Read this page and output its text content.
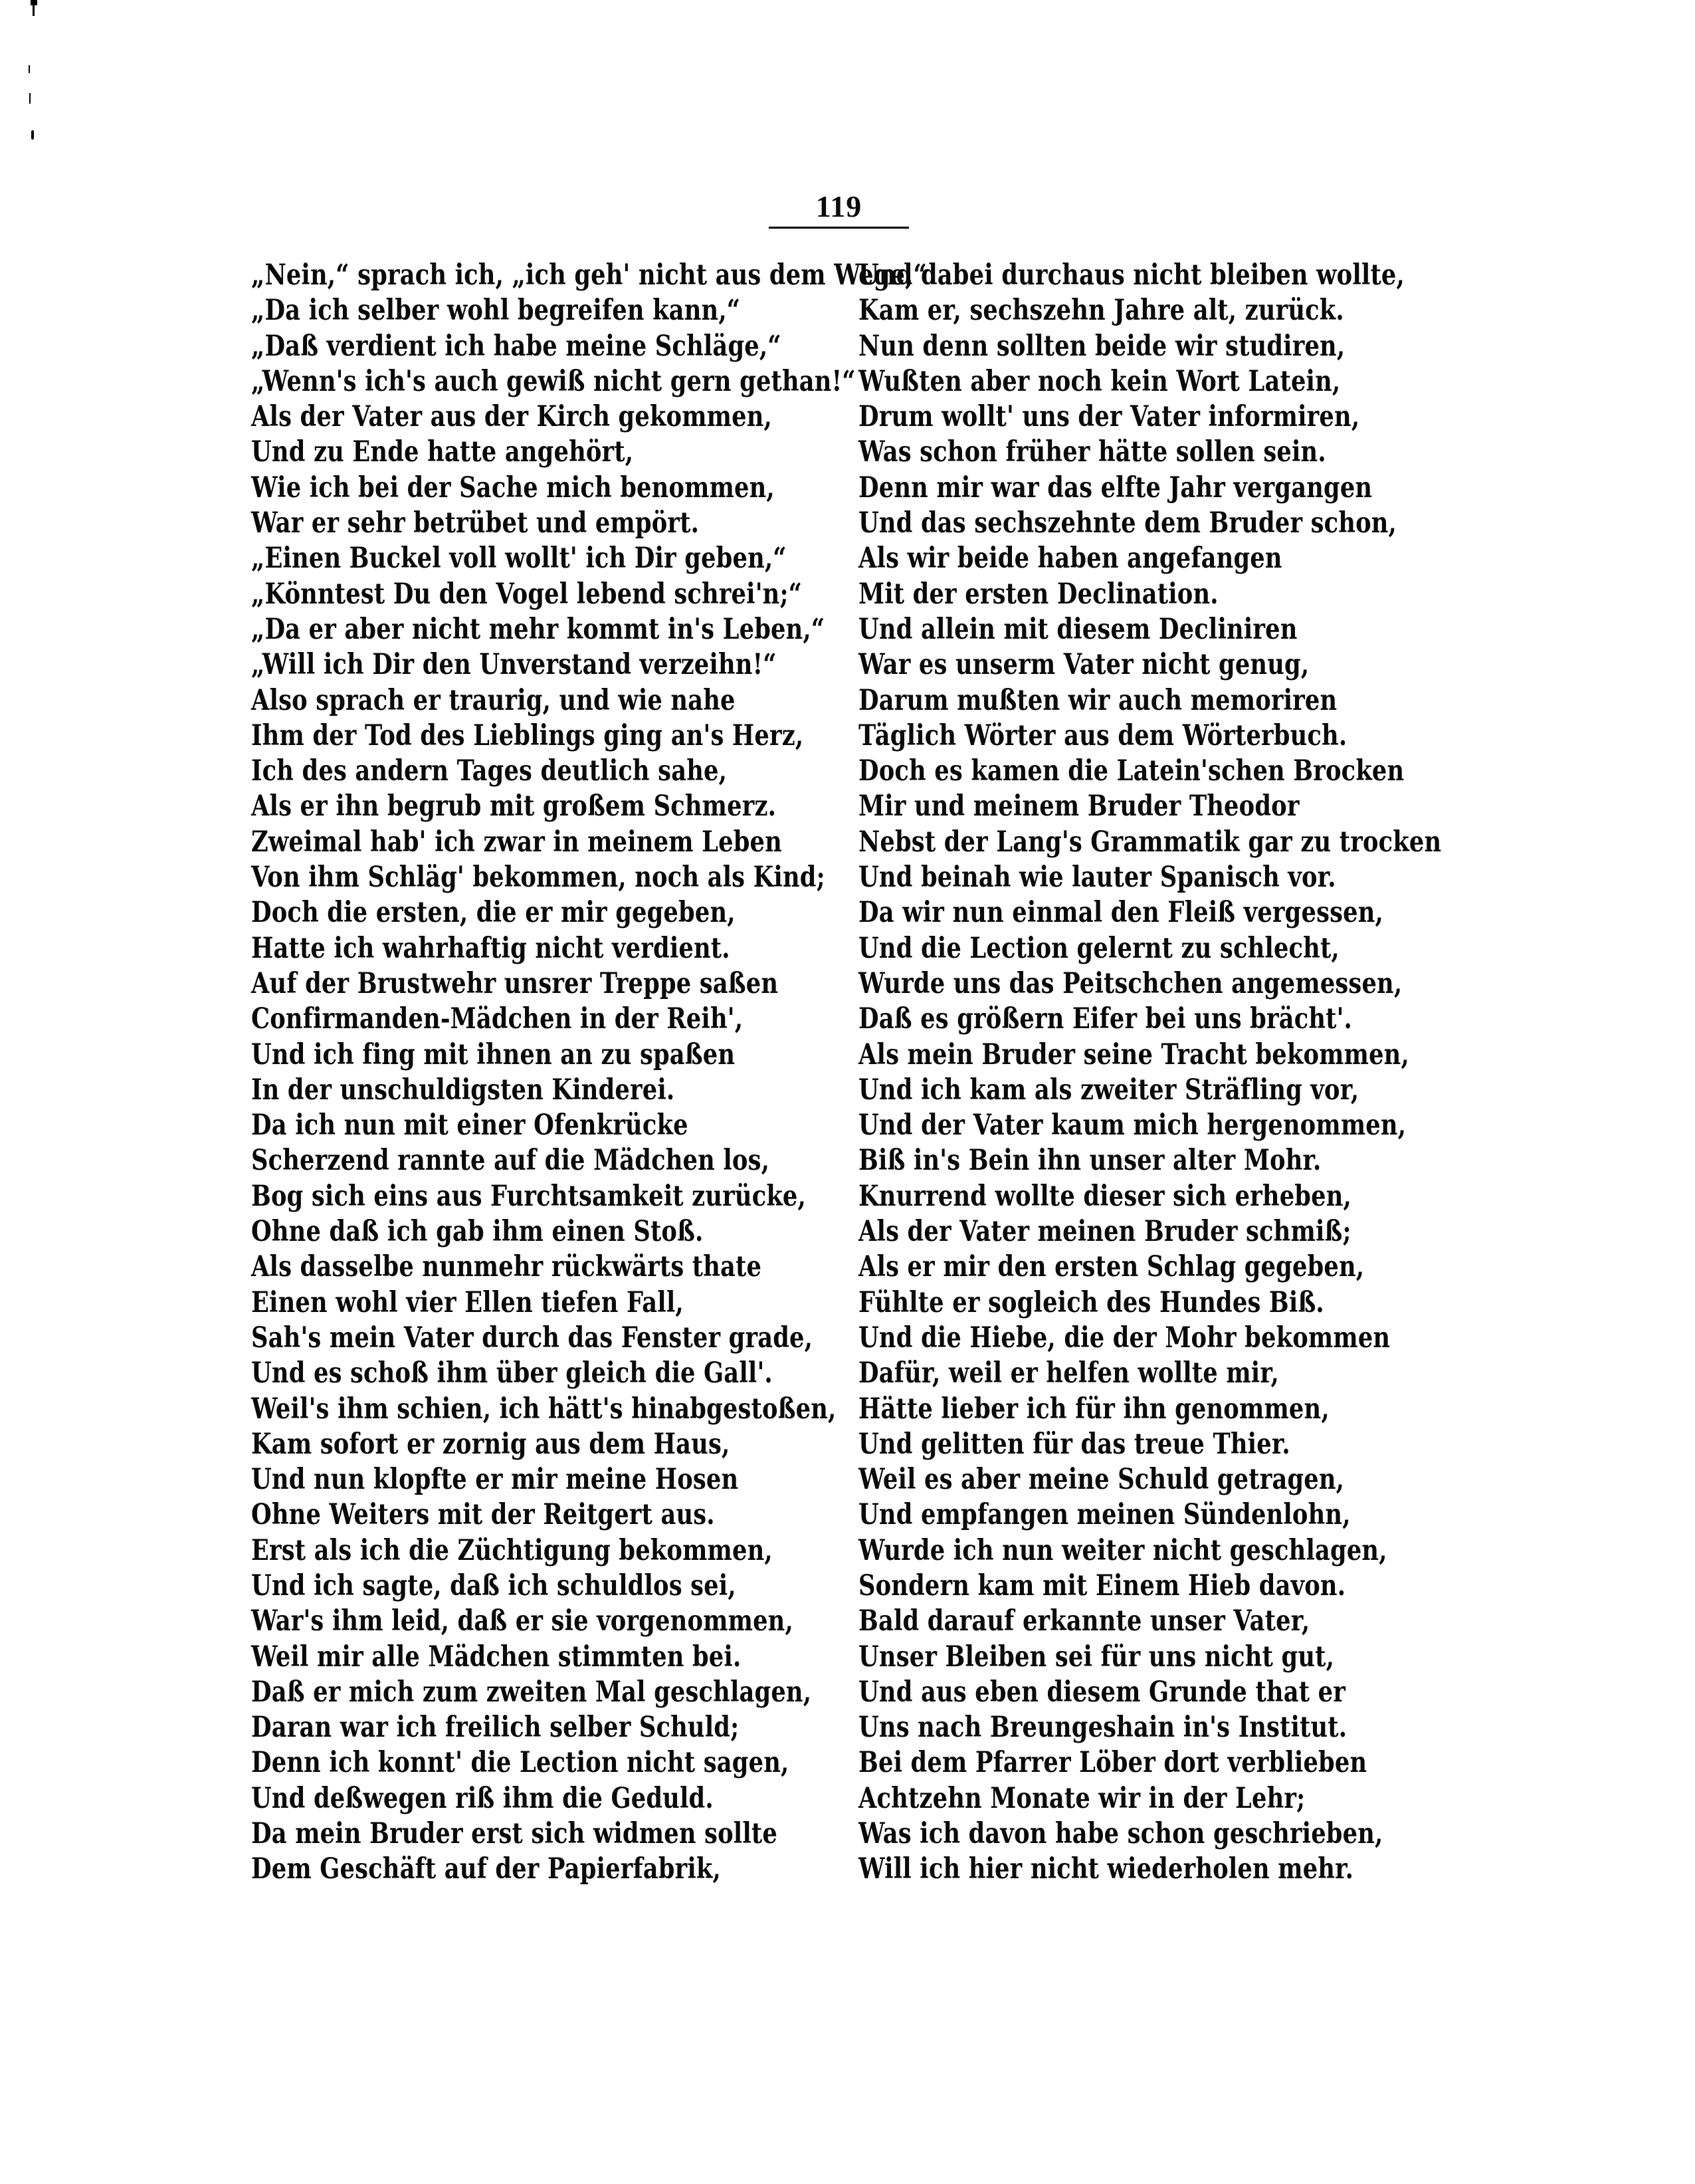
119
„Nein,“ sprach ich, „ich geh' nicht aus dem Wege,“
„Da ich selber wohl begreifen kann,“
„Daß verdient ich habe meine Schläge,“
„Wenn's ich's auch gewiß nicht gern gethan!“
Als der Vater aus der Kirch gekommen,
Und zu Ende hatte angehört,
Wie ich bei der Sache mich benommen,
War er sehr betrübet und empört.
„Einen Buckel voll wollt' ich Dir geben,“
„Könntest Du den Vogel lebend schrei'n;“
„Da er aber nicht mehr kommt in's Leben,“
„Will ich Dir den Unverstand verzeihn!“
Also sprach er traurig, und wie nahe
Ihm der Tod des Lieblings ging an's Herz,
Ich des andern Tages deutlich sahe,
Als er ihn begrub mit großem Schmerz.
Zweimal hab' ich zwar in meinem Leben
Von ihm Schläg' bekommen, noch als Kind;
Doch die ersten, die er mir gegeben,
Hatte ich wahrhaftig nicht verdient.
Auf der Brustwehr unsrer Treppe saßen
Confirmanden-Mädchen in der Reih',
Und ich fing mit ihnen an zu spaßen
In der unschuldigsten Kinderei.
Da ich nun mit einer Ofenkrücke
Scherzend rannte auf die Mädchen los,
Bog sich eins aus Furchtsamkeit zurücke,
Ohne daß ich gab ihm einen Stoß.
Als dasselbe nunmehr rückwärts thate
Einen wohl vier Ellen tiefen Fall,
Sah's mein Vater durch das Fenster grade,
Und es schoß ihm über gleich die Gall'.
Weil's ihm schien, ich hätt's hinabgestoßen,
Kam sofort er zornig aus dem Haus,
Und nun klopfte er mir meine Hosen
Ohne Weiters mit der Reitgert aus.
Erst als ich die Züchtigung bekommen,
Und ich sagte, daß ich schuldlos sei,
War's ihm leid, daß er sie vorgenommen,
Weil mir alle Mädchen stimmten bei.
Daß er mich zum zweiten Mal geschlagen,
Daran war ich freilich selber Schuld;
Denn ich konnt' die Lection nicht sagen,
Und deßwegen riß ihm die Geduld.
Da mein Bruder erst sich widmen sollte
Dem Geschäft auf der Papierfabrik,
Und dabei durchaus nicht bleiben wollte,
Kam er, sechszehn Jahre alt, zurück.
Nun denn sollten beide wir studiren,
Wußten aber noch kein Wort Latein,
Drum wollt' uns der Vater informiren,
Was schon früher hätte sollen sein.
Denn mir war das elfte Jahr vergangen
Und das sechszehnte dem Bruder schon,
Als wir beide haben angefangen
Mit der ersten Declination.
Und allein mit diesem Decliniren
War es unserm Vater nicht genug,
Darum mußten wir auch memoriren
Täglich Wörter aus dem Wörterbuch.
Doch es kamen die Latein'schen Brocken
Mir und meinem Bruder Theodor
Nebst der Lang's Grammatik gar zu trocken
Und beinah wie lauter Spanisch vor.
Da wir nun einmal den Fleiß vergessen,
Und die Lection gelernt zu schlecht,
Wurde uns das Peitschchen angemessen,
Daß es größern Eifer bei uns brächt'.
Als mein Bruder seine Tracht bekommen,
Und ich kam als zweiter Sträfling vor,
Und der Vater kaum mich hergenommen,
Biß in's Bein ihn unser alter Mohr.
Knurrend wollte dieser sich erheben,
Als der Vater meinen Bruder schmiß;
Als er mir den ersten Schlag gegeben,
Fühlte er sogleich des Hundes Biß.
Und die Hiebe, die der Mohr bekommen
Dafür, weil er helfen wollte mir,
Hätte lieber ich für ihn genommen,
Und gelitten für das treue Thier.
Weil es aber meine Schuld getragen,
Und empfangen meinen Sündenlohn,
Wurde ich nun weiter nicht geschlagen,
Sondern kam mit Einem Hieb davon.
Bald darauf erkannte unser Vater,
Unser Bleiben sei für uns nicht gut,
Und aus eben diesem Grunde that er
Uns nach Breungeshain in's Institut.
Bei dem Pfarrer Löber dort verblieben
Achtzehn Monate wir in der Lehr;
Was ich davon habe schon geschrieben,
Will ich hier nicht wiederholen mehr.
